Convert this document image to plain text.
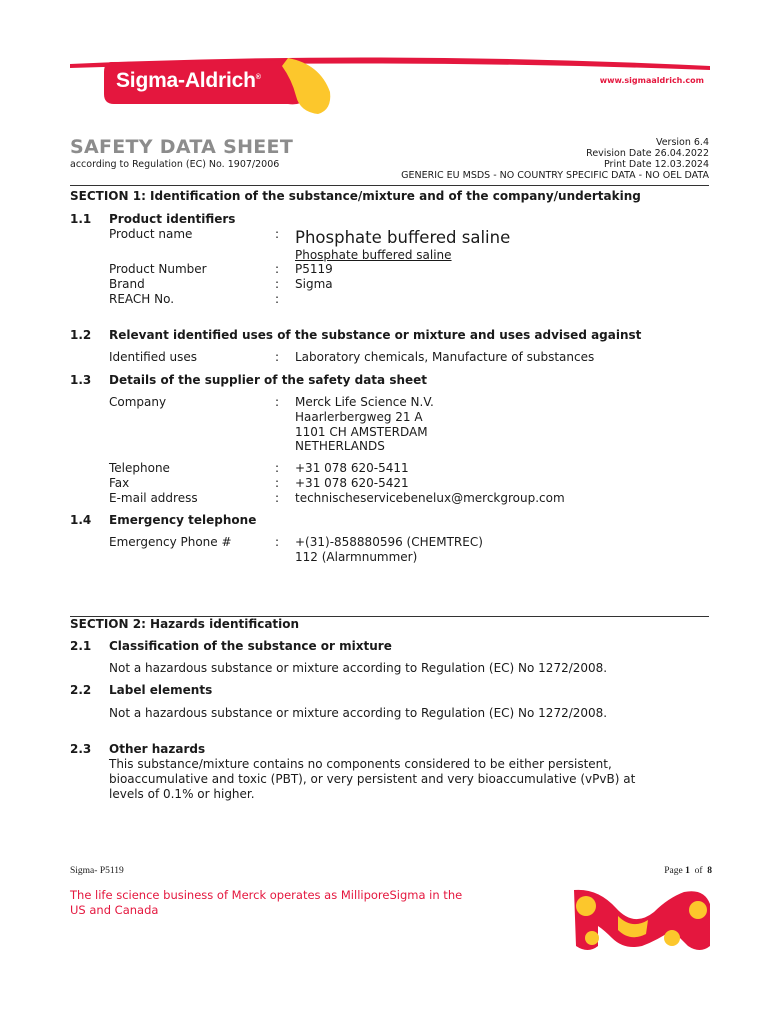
Sigma-Aldrich®	www.sigmaaldrich.com
SAFETY DATA SHEET
according to Regulation (EC) No. 1907/2006
Version 6.4
Revision Date 26.04.2022
Print Date 12.03.2024
GENERIC EU MSDS - NO COUNTRY SPECIFIC DATA - NO OEL DATA
SECTION 1: Identification of the substance/mixture and of the company/undertaking
1.1 Product identifiers
Product name	: Phosphate buffered saline
Phosphate buffered saline
Product Number	: P5119
Brand	: Sigma
REACH No.	:
1.2 Relevant identified uses of the substance or mixture and uses advised against
Identified uses	: Laboratory chemicals, Manufacture of substances
1.3 Details of the supplier of the safety data sheet
Company	: Merck Life Science N.V.
Haarlerbergweg 21 A
1101 CH AMSTERDAM
NETHERLANDS
Telephone	: +31 078 620-5411
Fax	: +31 078 620-5421
E-mail address	: technischeservicebenelux@merckgroup.com
1.4 Emergency telephone
Emergency Phone #	: +(31)-858880596 (CHEMTREC)
112 (Alarmnummer)
SECTION 2: Hazards identification
2.1 Classification of the substance or mixture
Not a hazardous substance or mixture according to Regulation (EC) No 1272/2008.
2.2 Label elements
Not a hazardous substance or mixture according to Regulation (EC) No 1272/2008.
2.3 Other hazards
This substance/mixture contains no components considered to be either persistent,
bioaccumulative and toxic (PBT), or very persistent and very bioaccumulative (vPvB) at
levels of 0.1% or higher.
Sigma- P5119	Page 1 of 8
The life science business of Merck operates as MilliporeSigma in the US and Canada
